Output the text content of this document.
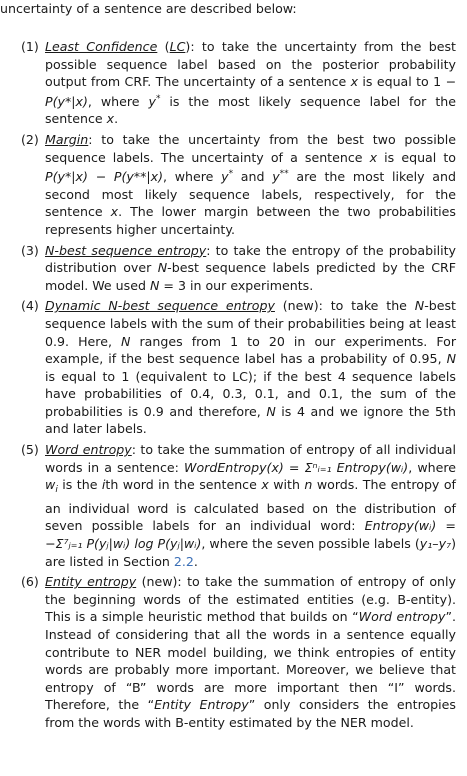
uncertainty of a sentence are described below:
(1) Least Confidence (LC): to take the uncertainty from the best possible sequence label based on the posterior probability output from CRF. The uncertainty of a sentence x is equal to 1 − P(y*|x), where y* is the most likely sequence label for the sentence x.
(2) Margin: to take the uncertainty from the best two possible sequence labels. The uncertainty of a sentence x is equal to P(y*|x) − P(y**|x), where y* and y** are the most likely and second most likely sequence labels, respectively, for the sentence x. The lower margin between the two probabilities represents higher uncertainty.
(3) N-best sequence entropy: to take the entropy of the probability distribution over N-best sequence labels predicted by the CRF model. We used N = 3 in our experiments.
(4) Dynamic N-best sequence entropy (new): to take the N-best sequence labels with the sum of their probabilities being at least 0.9. Here, N ranges from 1 to 20 in our experiments. For example, if the best sequence label has a probability of 0.95, N is equal to 1 (equivalent to LC); if the best 4 sequence labels have probabilities of 0.4, 0.3, 0.1, and 0.1, the sum of the probabilities is 0.9 and therefore, N is 4 and we ignore the 5th and later labels.
(5) Word entropy: to take the summation of entropy of all individual words in a sentence: WordEntropy(x) = Σⁿᵢ₌₁ Entropy(wᵢ), where $w_i$ is the ith word in the sentence x with n words. The entropy of an individual word is calculated based on the distribution of seven possible labels for an individual word: Entropy(wᵢ) = −Σ⁷ⱼ₌₁ P(yⱼ|wᵢ) log P(yⱼ|wᵢ), where the seven possible labels (y₁–y₇) are listed in Section 2.2.
(6) Entity entropy (new): to take the summation of entropy of only the beginning words of the estimated entities (e.g. B-entity). This is a simple heuristic method that builds on “Word entropy”. Instead of considering that all the words in a sentence equally contribute to NER model building, we think entropies of entity words are probably more important. Moreover, we believe that entropy of “B” words are more important then “I” words. Therefore, the “Entity Entropy” only considers the entropies from the words with B-entity estimated by the NER model.
